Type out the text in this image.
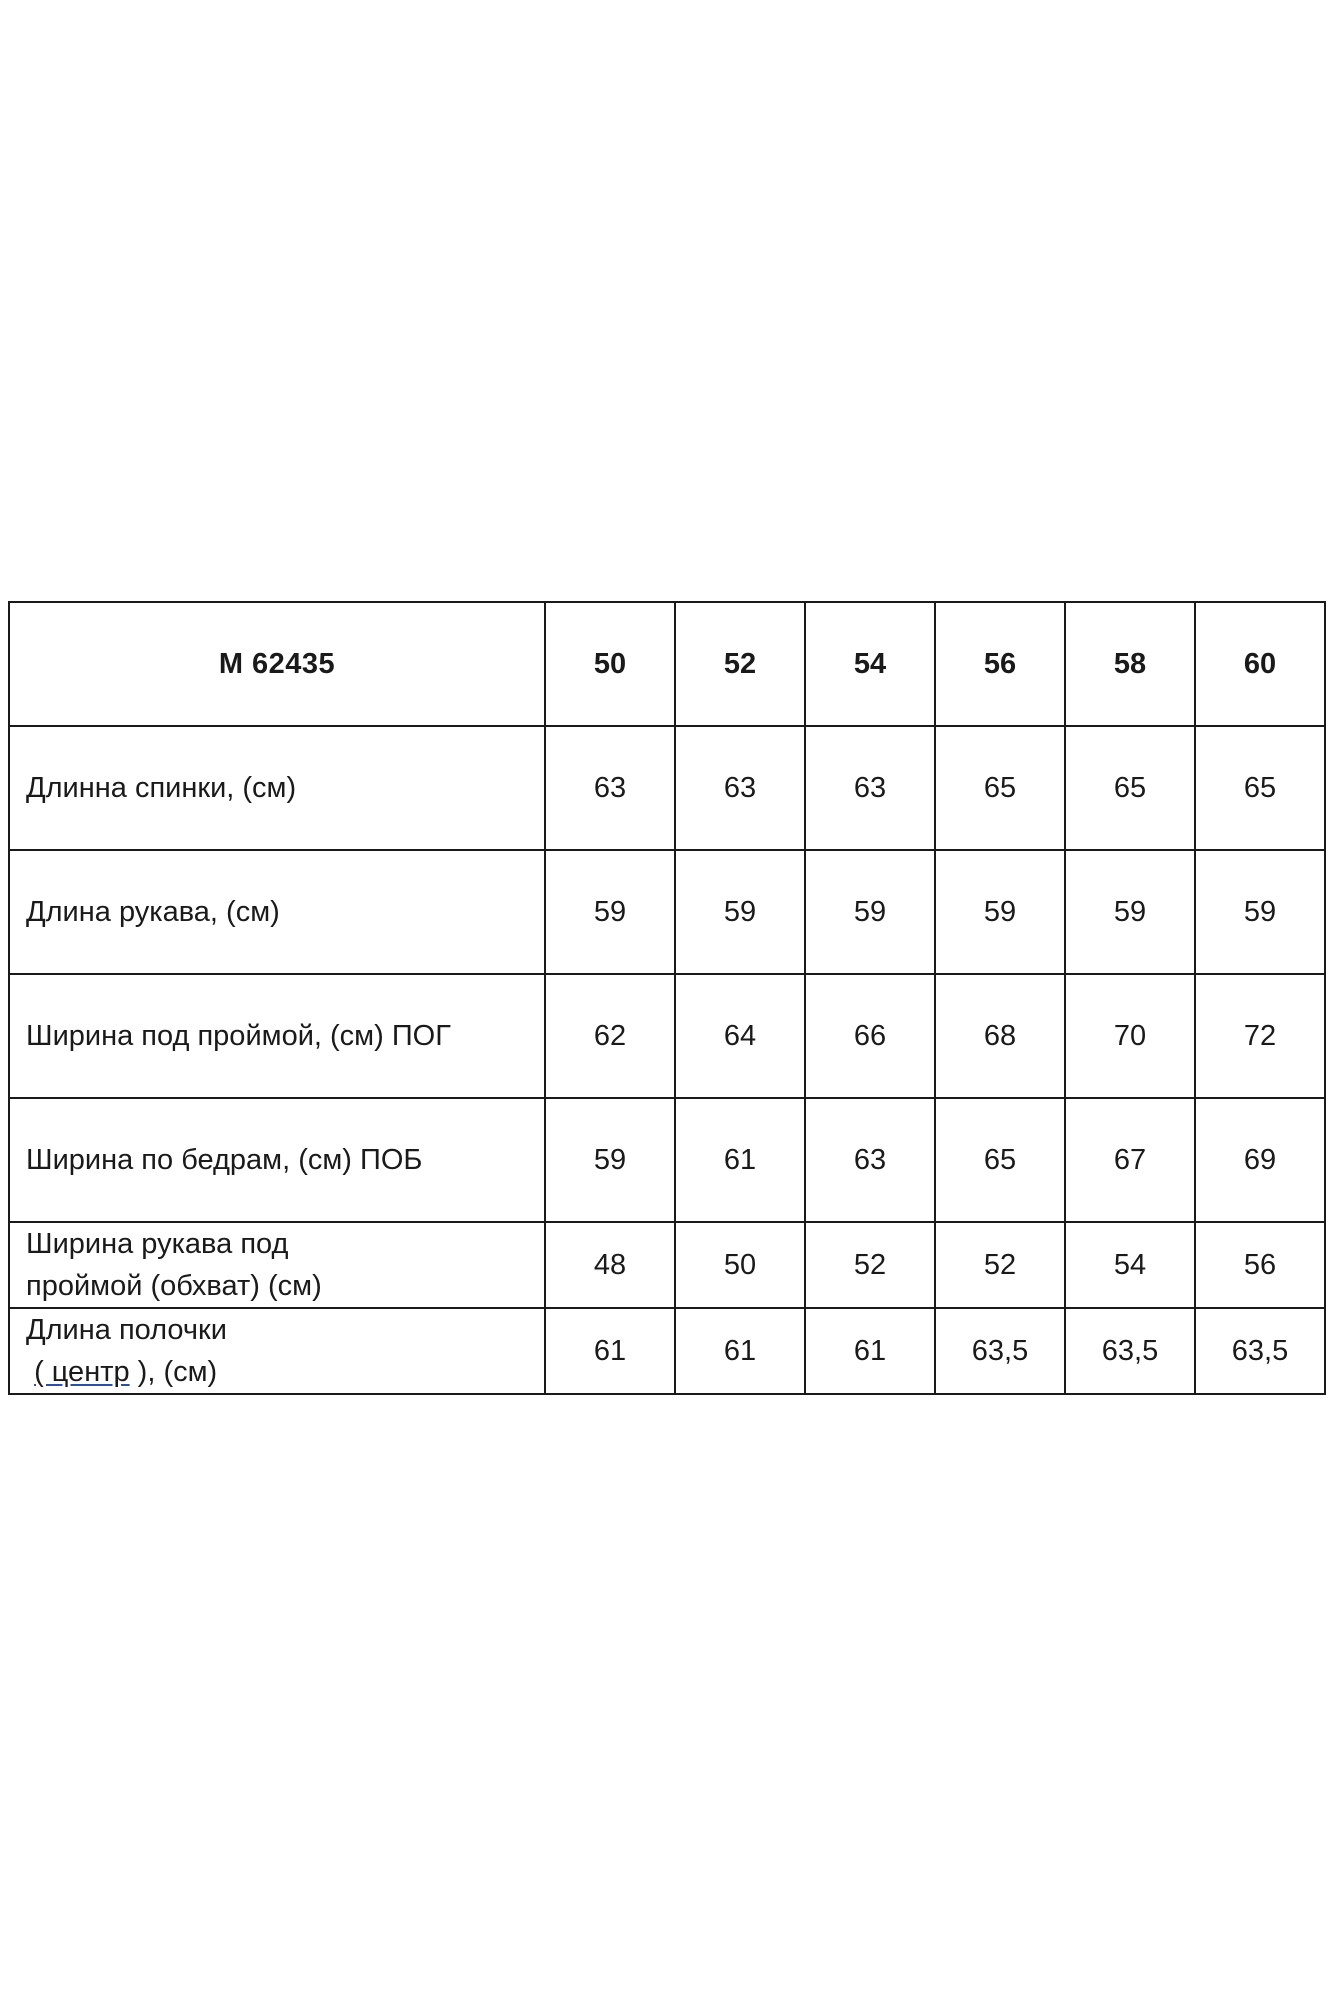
М 62435	50	52	54	56	58	60
Длинна спинки, (см)	63	63	63	65	65	65
Длина рукава, (см)	59	59	59	59	59	59
Ширина под проймой, (см) ПОГ	62	64	66	68	70	72
Ширина по бедрам, (см) ПОБ	59	61	63	65	67	69

Ширина рукава под
проймой (обхват) (см)	48	50	52	52	54	56

Длина полочки
( центр ), (см)	61	61	61	63,5	63,5	63,5
